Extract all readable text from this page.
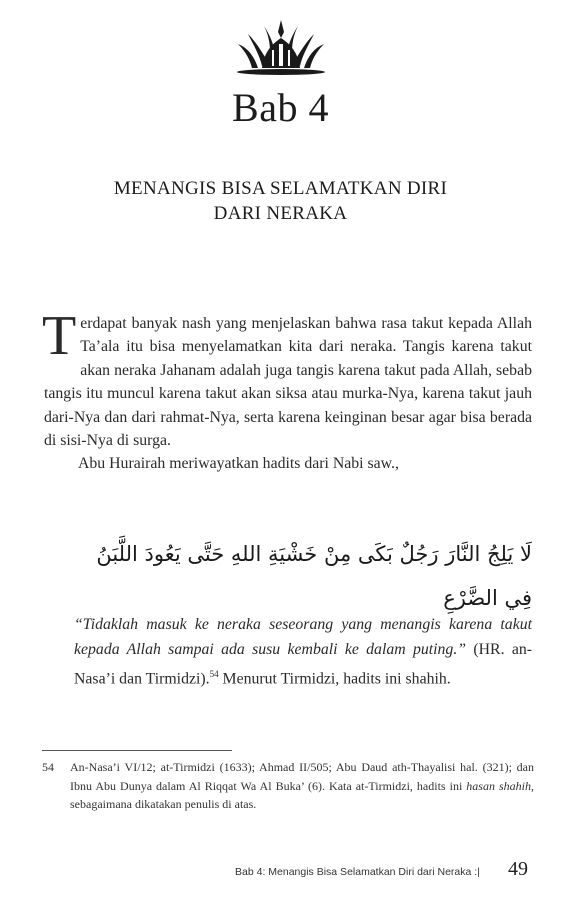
Bab 4
MENANGIS BISA SELAMATKAN DIRI
DARI NERAKA

Terdapat banyak nash yang menjelaskan bahwa rasa takut kepada Allah Ta’ala itu bisa menyelamatkan kita dari neraka. Tangis karena takut akan neraka Jahanam adalah juga tangis karena takut pada Allah, sebab tangis itu muncul karena takut akan siksa atau murka-Nya, karena takut jauh dari-Nya dan dari rahmat-Nya, serta karena keinginan besar agar bisa berada di sisi-Nya di surga.

Abu Hurairah meriwayatkan hadits dari Nabi saw.,

لَا يَلِجُ النَّارَ رَجُلٌ بَكَى مِنْ خَشْيَةِ اللهِ حَتَّى يَعُودَ اللَّبَنُ
فِي الضَّرْعِ
“Tidaklah masuk ke neraka seseorang yang menangis karena takut kepada Allah sampai ada susu kembali ke dalam puting.” (HR. an-Nasa’i dan Tirmidzi).$^{54}$ Menurut Tirmidzi, hadits ini shahih.
54	An-Nasa’i VI/12; at-Tirmidzi (1633); Ahmad II/505; Abu Daud ath-Thayalisi hal. (321); dan Ibnu Abu Dunya dalam Al Riqqat Wa Al Buka’ (6). Kata at-Tirmidzi, hadits ini hasan shahih, sebagaimana dikatakan penulis di atas.
Bab 4: Menangis Bisa Selamatkan Diri dari Neraka :| 49
